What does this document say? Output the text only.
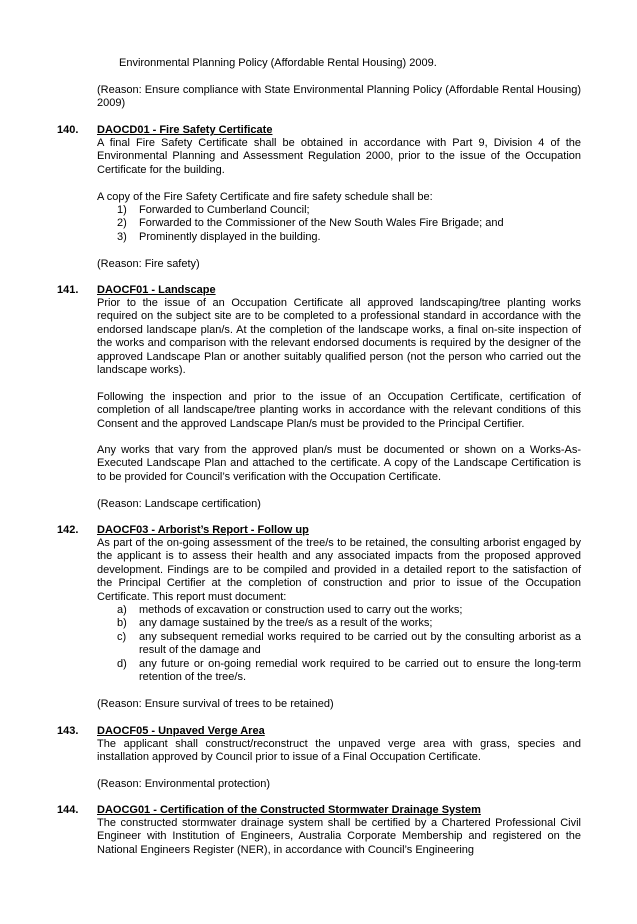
Environmental Planning Policy (Affordable Rental Housing) 2009.

(Reason: Ensure compliance with State Environmental Planning Policy (Affordable Rental Housing) 2009)

140. DAOCD01 - Fire Safety Certificate

A final Fire Safety Certificate shall be obtained in accordance with Part 9, Division 4 of the Environmental Planning and Assessment Regulation 2000, prior to the issue of the Occupation Certificate for the building.

A copy of the Fire Safety Certificate and fire safety schedule shall be:

1) Forwarded to Cumberland Council;
2) Forwarded to the Commissioner of the New South Wales Fire Brigade; and
3) Prominently displayed in the building.

(Reason: Fire safety)

141. DAOCF01 - Landscape

Prior to the issue of an Occupation Certificate all approved landscaping/tree planting works required on the subject site are to be completed to a professional standard in accordance with the endorsed landscape plan/s. At the completion of the landscape works, a final on-site inspection of the works and comparison with the relevant endorsed documents is required by the designer of the approved Landscape Plan or another suitably qualified person (not the person who carried out the landscape works).

Following the inspection and prior to the issue of an Occupation Certificate, certification of completion of all landscape/tree planting works in accordance with the relevant conditions of this Consent and the approved Landscape Plan/s must be provided to the Principal Certifier.

Any works that vary from the approved plan/s must be documented or shown on a Works-As-Executed Landscape Plan and attached to the certificate. A copy of the Landscape Certification is to be provided for Council’s verification with the Occupation Certificate.

(Reason: Landscape certification)

142. DAOCF03 - Arborist’s Report - Follow up

As part of the on-going assessment of the tree/s to be retained, the consulting arborist engaged by the applicant is to assess their health and any associated impacts from the proposed approved development. Findings are to be compiled and provided in a detailed report to the satisfaction of the Principal Certifier at the completion of construction and prior to issue of the Occupation Certificate. This report must document:

a) methods of excavation or construction used to carry out the works;
b) any damage sustained by the tree/s as a result of the works;
c) any subsequent remedial works required to be carried out by the consulting arborist as a result of the damage and
d) any future or on-going remedial work required to be carried out to ensure the long-term retention of the tree/s.

(Reason: Ensure survival of trees to be retained)

143. DAOCF05 - Unpaved Verge Area

The applicant shall construct/reconstruct the unpaved verge area with grass, species and installation approved by Council prior to issue of a Final Occupation Certificate.

(Reason: Environmental protection)

144. DAOCG01 - Certification of the Constructed Stormwater Drainage System

The constructed stormwater drainage system shall be certified by a Chartered Professional Civil Engineer with Institution of Engineers, Australia Corporate Membership and registered on the National Engineers Register (NER), in accordance with Council’s Engineering
